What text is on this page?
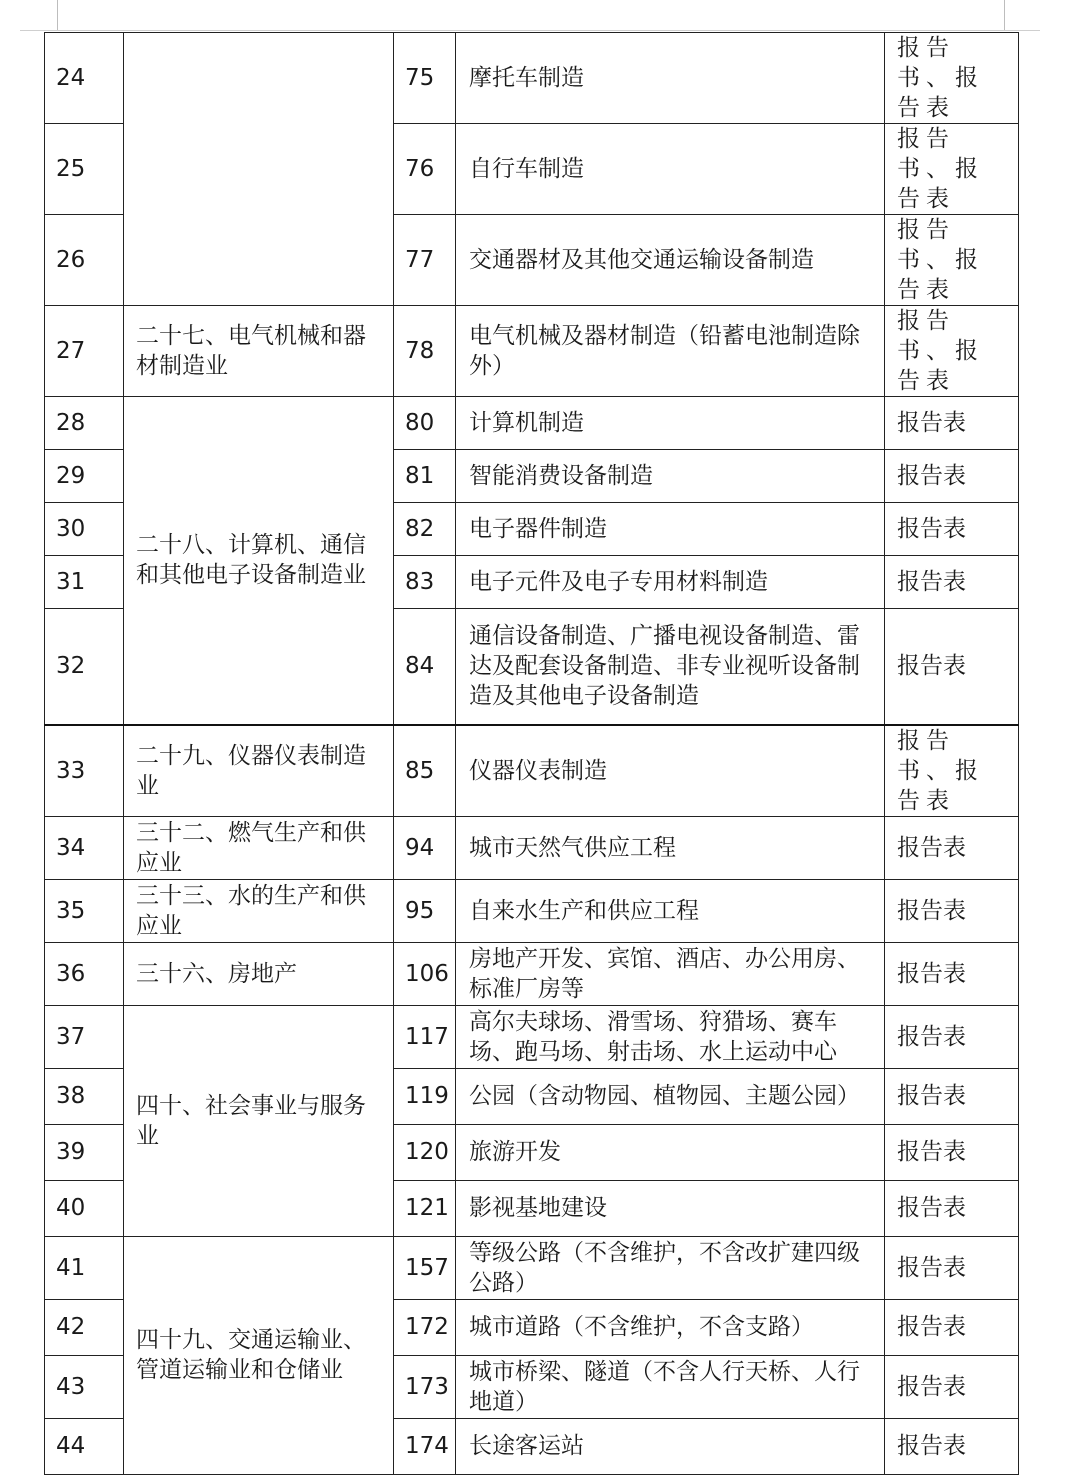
24		75	摩托车制造	报告书、报告表
25		76	自行车制造	报告书、报告表
26		77	交通器材及其他交通运输设备制造	报告书、报告表
27	二十七、电气机械和器材制造业	78	电气机械及器材制造（铅蓄电池制造除外）	报告书、报告表
28	二十八、计算机、通信和其他电子设备制造业	80	计算机制造	报告表
29		81	智能消费设备制造	报告表
30		82	电子器件制造	报告表
31		83	电子元件及电子专用材料制造	报告表
32		84	通信设备制造、广播电视设备制造、雷达及配套设备制造、非专业视听设备制造及其他电子设备制造	报告表
33	二十九、仪器仪表制造业	85	仪器仪表制造	报告书、报告表
34	三十二、燃气生产和供应业	94	城市天然气供应工程	报告表
35	三十三、水的生产和供应业	95	自来水生产和供应工程	报告表
36	三十六、房地产	106	房地产开发、宾馆、酒店、办公用房、标准厂房等	报告表
37	四十、社会事业与服务业	117	高尔夫球场、滑雪场、狩猎场、赛车场、跑马场、射击场、水上运动中心	报告表
38		119	公园（含动物园、植物园、主题公园）	报告表
39		120	旅游开发	报告表
40		121	影视基地建设	报告表
41	四十九、交通运输业、管道运输业和仓储业	157	等级公路（不含维护，不含改扩建四级公路）	报告表
42		172	城市道路（不含维护，不含支路）	报告表
43		173	城市桥梁、隧道（不含人行天桥、人行地道）	报告表
44		174	长途客运站	报告表
